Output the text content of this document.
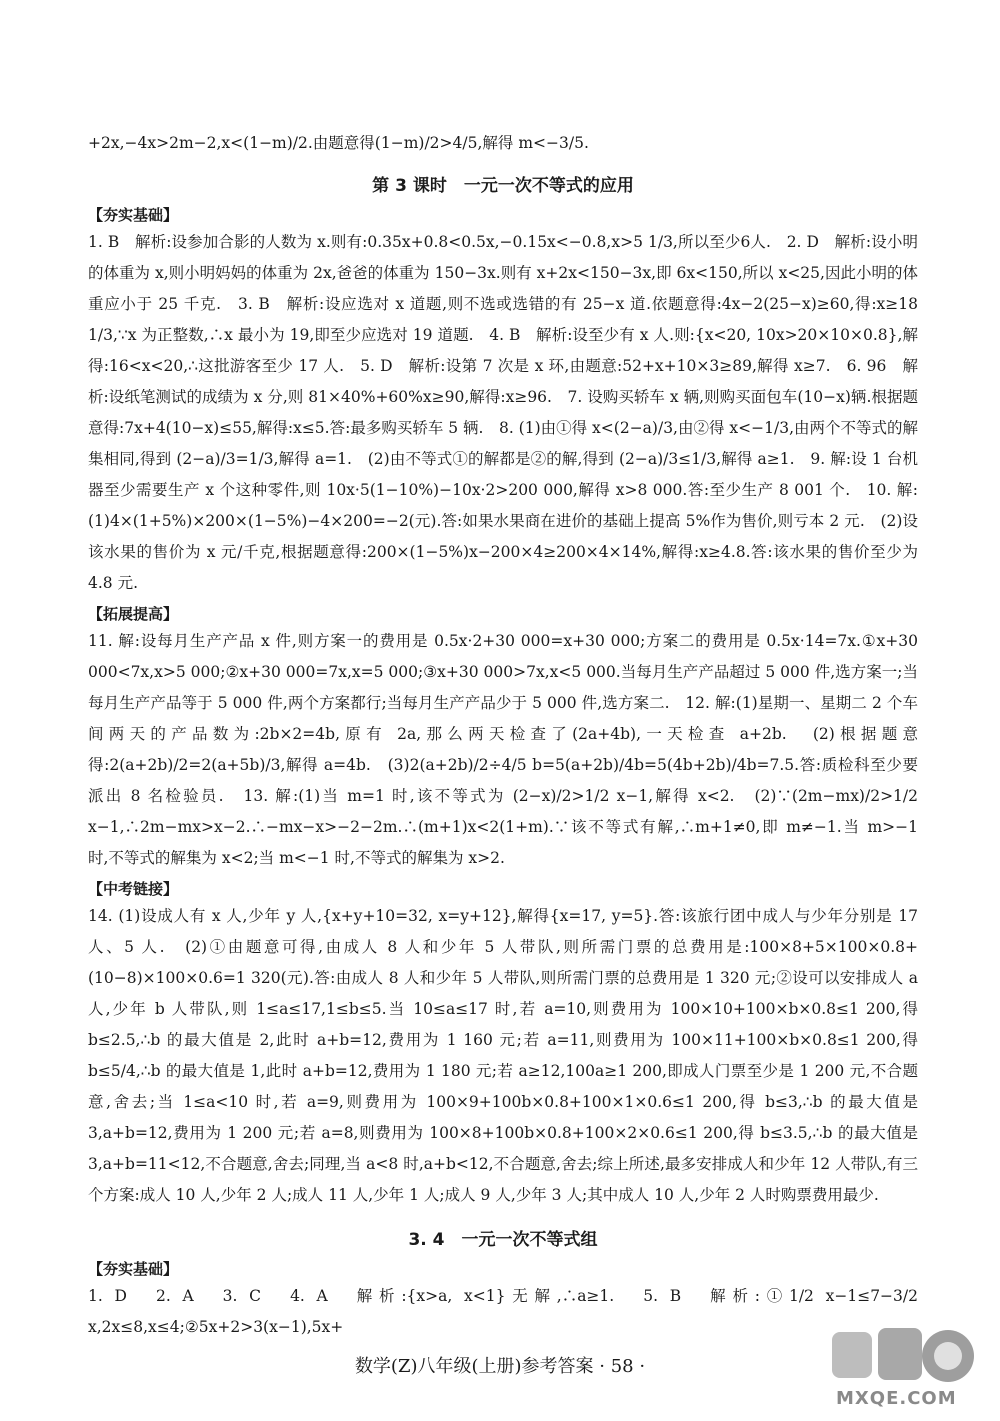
+2x,−4x>2m−2,x<(1−m)/2.由题意得(1−m)/2>4/5,解得 m<−3/5.

第 3 课时　一元一次不等式的应用
【夯实基础】

1. B　解析:设参加合影的人数为 x.则有:0.35x+0.8<0.5x,−0.15x<−0.8,x>5 1/3,所以至少6人.　2. D　解析:设小明的体重为 x,则小明妈妈的体重为 2x,爸爸的体重为 150−3x.则有 x+2x<150−3x,即 6x<150,所以 x<25,因此小明的体重应小于 25 千克.　3. B　解析:设应选对 x 道题,则不选或选错的有 25−x 道.依题意得:4x−2(25−x)≥60,得:x≥18 1/3,∵x 为正整数,∴x 最小为 19,即至少应选对 19 道题.　4. B　解析:设至少有 x 人.则:{x<20, 10x>20×10×0.8},解得:16<x<20,∴这批游客至少 17 人.　5. D　解析:设第 7 次是 x 环,由题意:52+x+10×3≥89,解得 x≥7.　6. 96　解析:设纸笔测试的成绩为 x 分,则 81×40%+60%x≥90,解得:x≥96.　7. 设购买轿车 x 辆,则购买面包车(10−x)辆.根据题意得:7x+4(10−x)≤55,解得:x≤5.答:最多购买轿车 5 辆.　8. (1)由①得 x<(2−a)/3,由②得 x<−1/3,由两个不等式的解集相同,得到 (2−a)/3=1/3,解得 a=1.　(2)由不等式①的解都是②的解,得到 (2−a)/3≤1/3,解得 a≥1.　9. 解:设 1 台机器至少需要生产 x 个这种零件,则 10x·5(1−10%)−10x·2>200 000,解得 x>8 000.答:至少生产 8 001 个.　10. 解:(1)4×(1+5%)×200×(1−5%)−4×200=−2(元).答:如果水果商在进价的基础上提高 5%作为售价,则亏本 2 元.　(2)设该水果的售价为 x 元/千克,根据题意得:200×(1−5%)x−200×4≥200×4×14%,解得:x≥4.8.答:该水果的售价至少为 4.8 元.

【拓展提高】

11. 解:设每月生产产品 x 件,则方案一的费用是 0.5x·2+30 000=x+30 000;方案二的费用是 0.5x·14=7x.①x+30 000<7x,x>5 000;②x+30 000=7x,x=5 000;③x+30 000>7x,x<5 000.当每月生产产品超过 5 000 件,选方案一;当每月生产产品等于 5 000 件,两个方案都行;当每月生产产品少于 5 000 件,选方案二.　12. 解:(1)星期一、星期二 2 个车间两天的产品数为:2b×2=4b,原有 2a,那么两天检查了(2a+4b),一天检查 a+2b.　(2)根据题意得:2(a+2b)/2=2(a+5b)/3,解得 a=4b.　(3)2(a+2b)/2÷4/5 b=5(a+2b)/4b=5(4b+2b)/4b=7.5.答:质检科至少要派出 8 名检验员.　13. 解:(1)当 m=1 时,该不等式为 (2−x)/2>1/2 x−1,解得 x<2.　(2)∵(2m−mx)/2>1/2 x−1,∴2m−mx>x−2.∴−mx−x>−2−2m.∴(m+1)x<2(1+m).∵该不等式有解,∴m+1≠0,即 m≠−1.当 m>−1 时,不等式的解集为 x<2;当 m<−1 时,不等式的解集为 x>2.

【中考链接】

14. (1)设成人有 x 人,少年 y 人,{x+y+10=32, x=y+12},解得{x=17, y=5}.答:该旅行团中成人与少年分别是 17 人、5 人.　(2)①由题意可得,由成人 8 人和少年 5 人带队,则所需门票的总费用是:100×8+5×100×0.8+(10−8)×100×0.6=1 320(元).答:由成人 8 人和少年 5 人带队,则所需门票的总费用是 1 320 元;②设可以安排成人 a 人,少年 b 人带队,则 1≤a≤17,1≤b≤5.当 10≤a≤17 时,若 a=10,则费用为 100×10+100×b×0.8≤1 200,得 b≤2.5,∴b 的最大值是 2,此时 a+b=12,费用为 1 160 元;若 a=11,则费用为 100×11+100×b×0.8≤1 200,得 b≤5/4,∴b 的最大值是 1,此时 a+b=12,费用为 1 180 元;若 a≥12,100a≥1 200,即成人门票至少是 1 200 元,不合题意,舍去;当 1≤a<10 时,若 a=9,则费用为 100×9+100b×0.8+100×1×0.6≤1 200,得 b≤3,∴b 的最大值是 3,a+b=12,费用为 1 200 元;若 a=8,则费用为 100×8+100b×0.8+100×2×0.6≤1 200,得 b≤3.5,∴b 的最大值是 3,a+b=11<12,不合题意,舍去;同理,当 a<8 时,a+b<12,不合题意,舍去;综上所述,最多安排成人和少年 12 人带队,有三个方案:成人 10 人,少年 2 人;成人 11 人,少年 1 人;成人 9 人,少年 3 人;其中成人 10 人,少年 2 人时购票费用最少.

3. 4　一元一次不等式组
【夯实基础】

1. D　2. A　3. C　4. A　解析:{x>a, x<1}无解,∴a≥1.　5. B　解析:①1/2 x−1≤7−3/2 x,2x≤8,x≤4;②5x+2>3(x−1),5x+

数学(Z)八年级(上册)参考答案 · 58 ·
MXQE.COM
